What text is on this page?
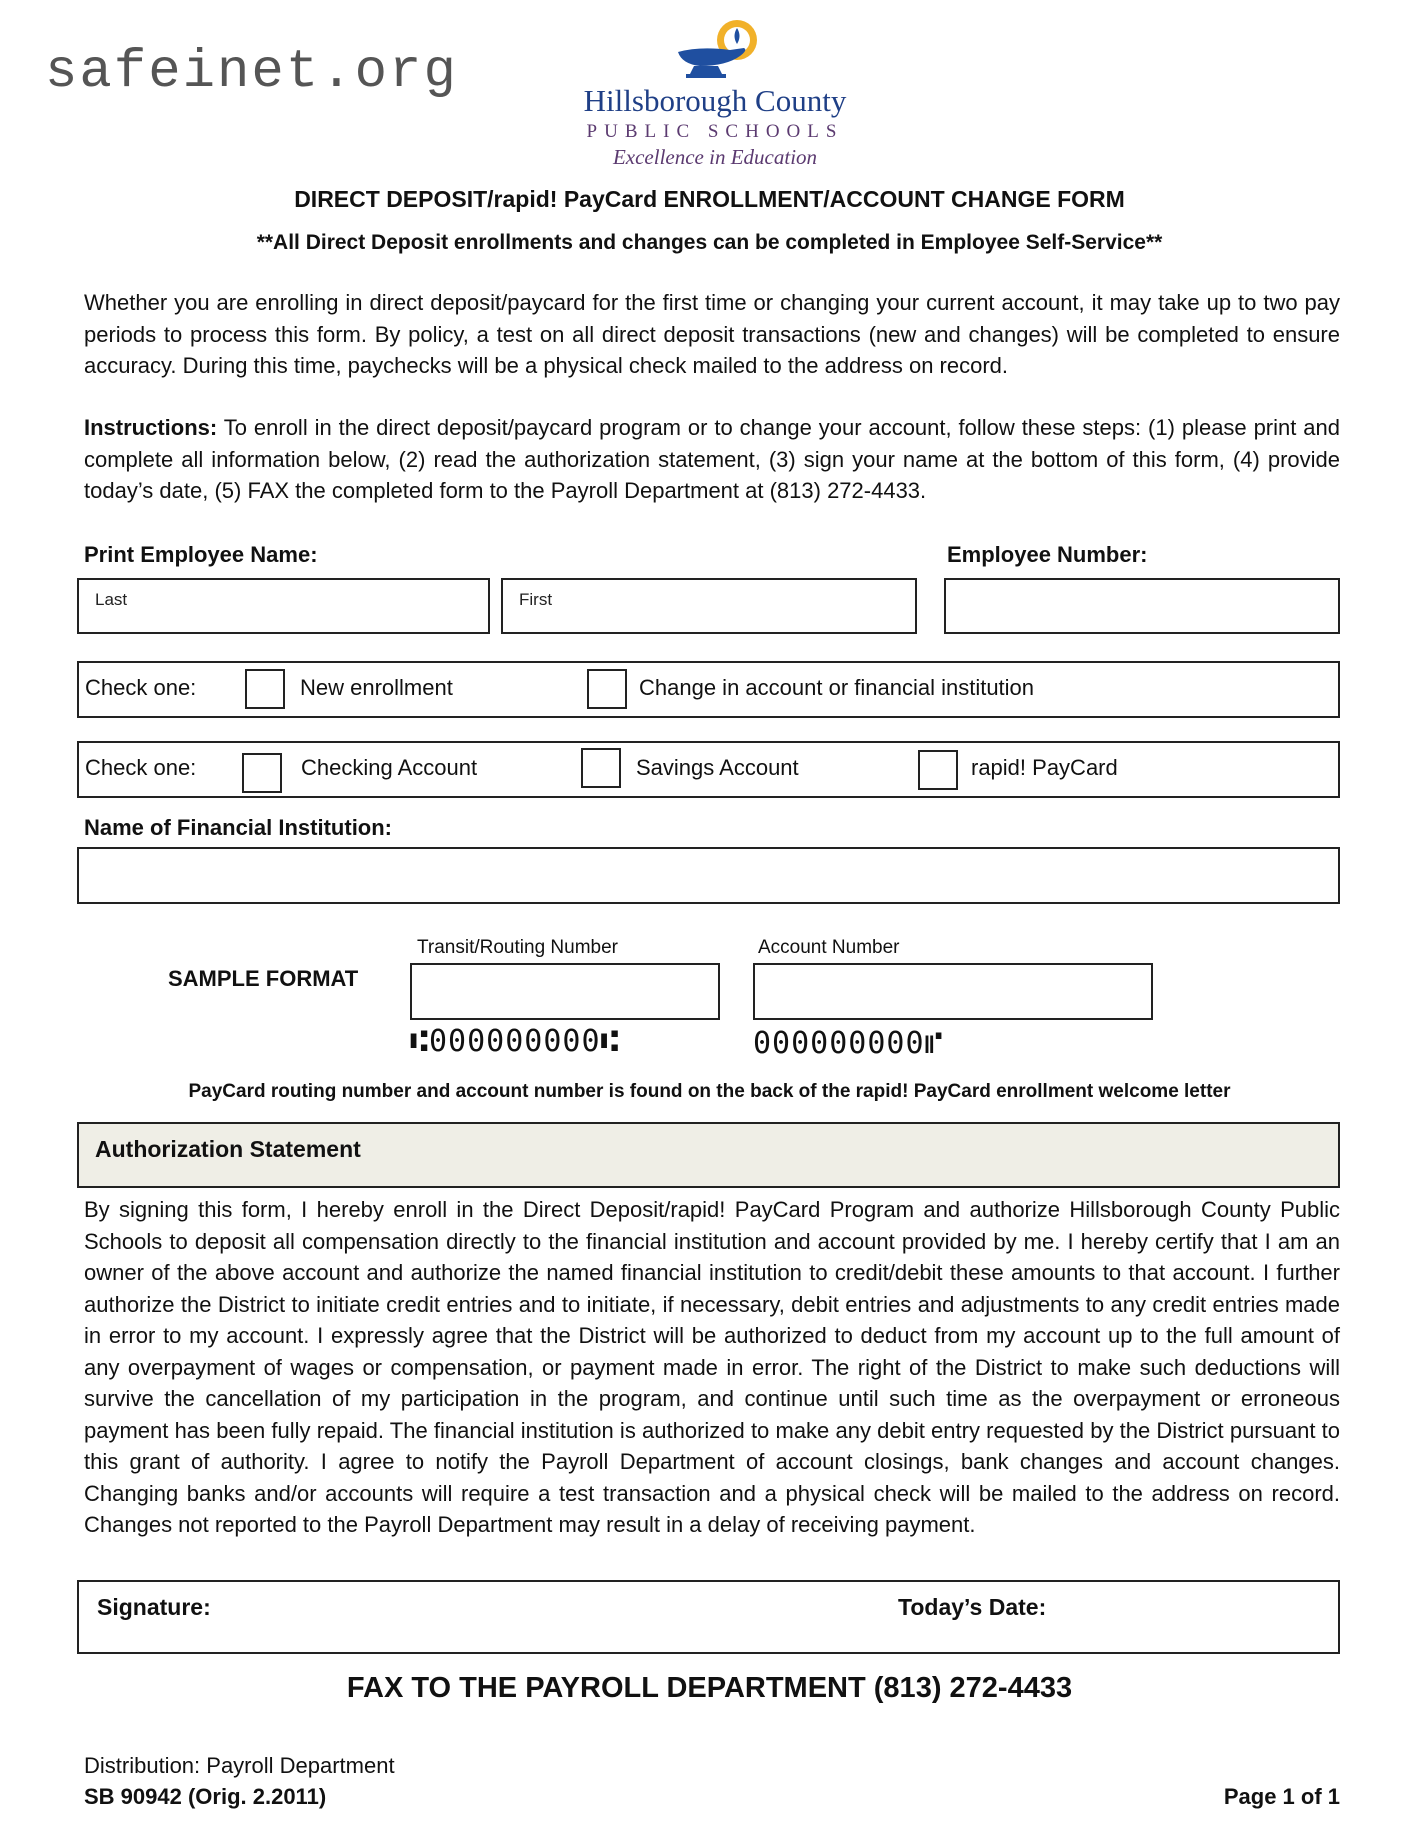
safeinet.org	Hillsborough County
PUBLIC SCHOOLS
Excellence in Education
DIRECT DEPOSIT/rapid! PayCard ENROLLMENT/ACCOUNT CHANGE FORM
**All Direct Deposit enrollments and changes can be completed in Employee Self-Service**
Whether you are enrolling in direct deposit/paycard for the first time or changing your current account, it may take up to two pay periods to process this form. By policy, a test on all direct deposit transactions (new and changes) will be completed to ensure accuracy. During this time, paychecks will be a physical check mailed to the address on record.
Instructions: To enroll in the direct deposit/paycard program or to change your account, follow these steps: (1) please print and complete all information below, (2) read the authorization statement, (3) sign your name at the bottom of this form, (4) provide today’s date, (5) FAX the completed form to the Payroll Department at (813) 272-4433.
Print Employee Name:	Employee Number:
Last	First
Check one:	New enrollment	Change in account or financial institution
Check one:	Checking Account	Savings Account	rapid! PayCard
Name of Financial Institution:
SAMPLE FORMAT
Transit/Routing Number	Account Number
⑆000000000⑆	000000000⑈
PayCard routing number and account number is found on the back of the rapid! PayCard enrollment welcome letter
Authorization Statement
By signing this form, I hereby enroll in the Direct Deposit/rapid! PayCard Program and authorize Hillsborough County Public Schools to deposit all compensation directly to the financial institution and account provided by me. I hereby certify that I am an owner of the above account and authorize the named financial institution to credit/debit these amounts to that account. I further authorize the District to initiate credit entries and to initiate, if necessary, debit entries and adjustments to any credit entries made in error to my account. I expressly agree that the District will be authorized to deduct from my account up to the full amount of any overpayment of wages or compensation, or payment made in error. The right of the District to make such deductions will survive the cancellation of my participation in the program, and continue until such time as the overpayment or erroneous payment has been fully repaid. The financial institution is authorized to make any debit entry requested by the District pursuant to this grant of authority. I agree to notify the Payroll Department of account closings, bank changes and account changes. Changing banks and/or accounts will require a test transaction and a physical check will be mailed to the address on record. Changes not reported to the Payroll Department may result in a delay of receiving payment.
Signature:	Today’s Date:
FAX TO THE PAYROLL DEPARTMENT (813) 272-4433
Distribution: Payroll Department
SB 90942 (Orig. 2.2011)	Page 1 of 1
